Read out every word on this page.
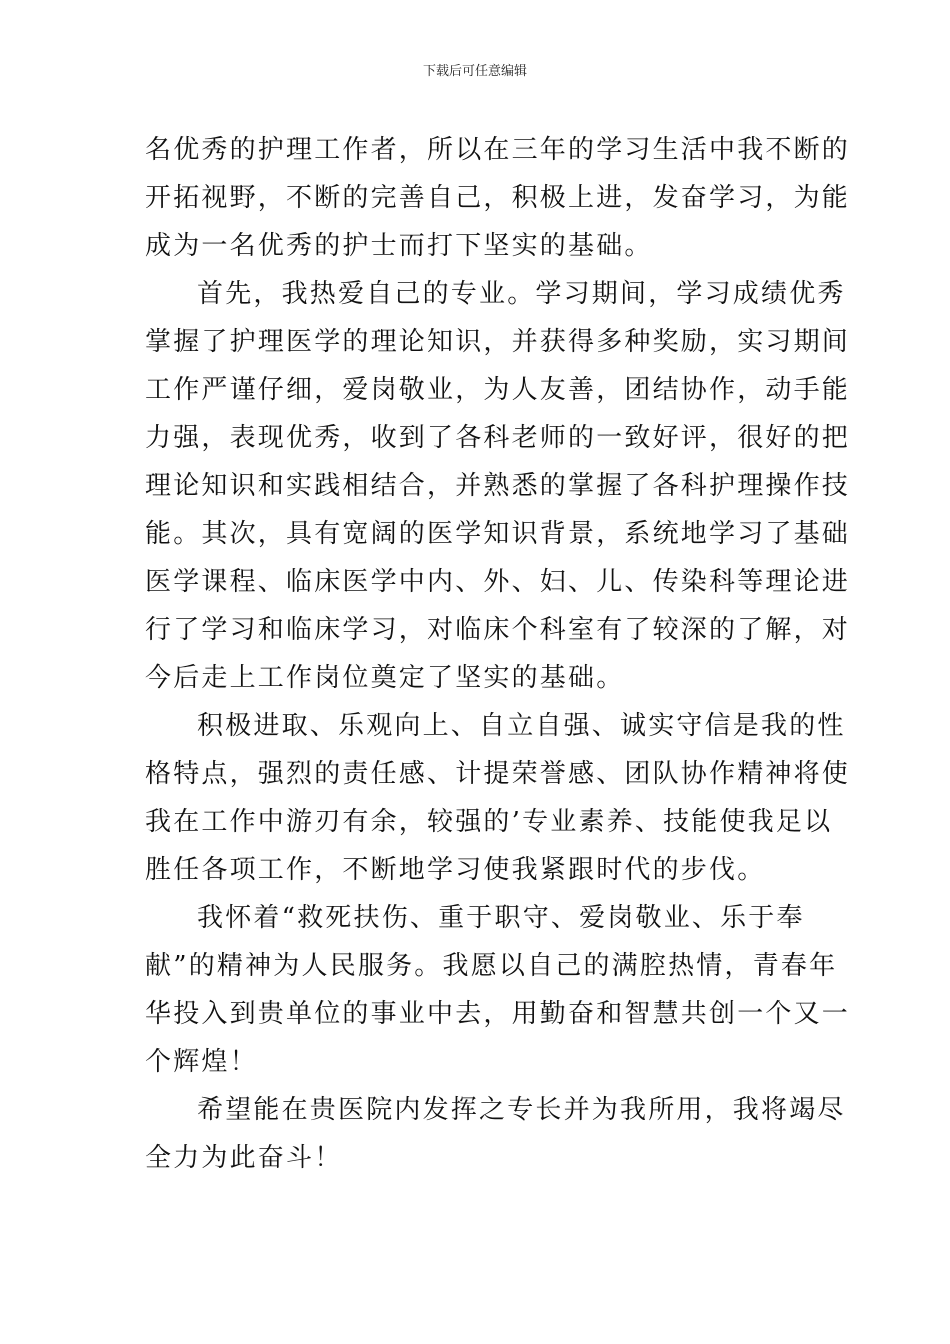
下载后可任意编辑
名优秀的护理工作者，所以在三年的学习生活中我不断的
开拓视野，不断的完善自己，积极上进，发奋学习，为能
成为一名优秀的护士而打下坚实的基础。
首先，我热爱自己的专业。学习期间，学习成绩优秀
掌握了护理医学的理论知识，并获得多种奖励，实习期间
工作严谨仔细，爱岗敬业，为人友善，团结协作，动手能
力强，表现优秀，收到了各科老师的一致好评，很好的把
理论知识和实践相结合，并熟悉的掌握了各科护理操作技
能。其次，具有宽阔的医学知识背景，系统地学习了基础
医学课程、临床医学中内、外、妇、儿、传染科等理论进
行了学习和临床学习，对临床个科室有了较深的了解，对
今后走上工作岗位奠定了坚实的基础。
积极进取、乐观向上、自立自强、诚实守信是我的性
格特点，强烈的责任感、计提荣誉感、团队协作精神将使
我在工作中游刃有余，较强的’专业素养、技能使我足以
胜任各项工作，不断地学习使我紧跟时代的步伐。
我怀着“救死扶伤、重于职守、爱岗敬业、乐于奉
献”的精神为人民服务。我愿以自己的满腔热情，青春年
华投入到贵单位的事业中去，用勤奋和智慧共创一个又一
个辉煌！
希望能在贵医院内发挥之专长并为我所用，我将竭尽
全力为此奋斗！
